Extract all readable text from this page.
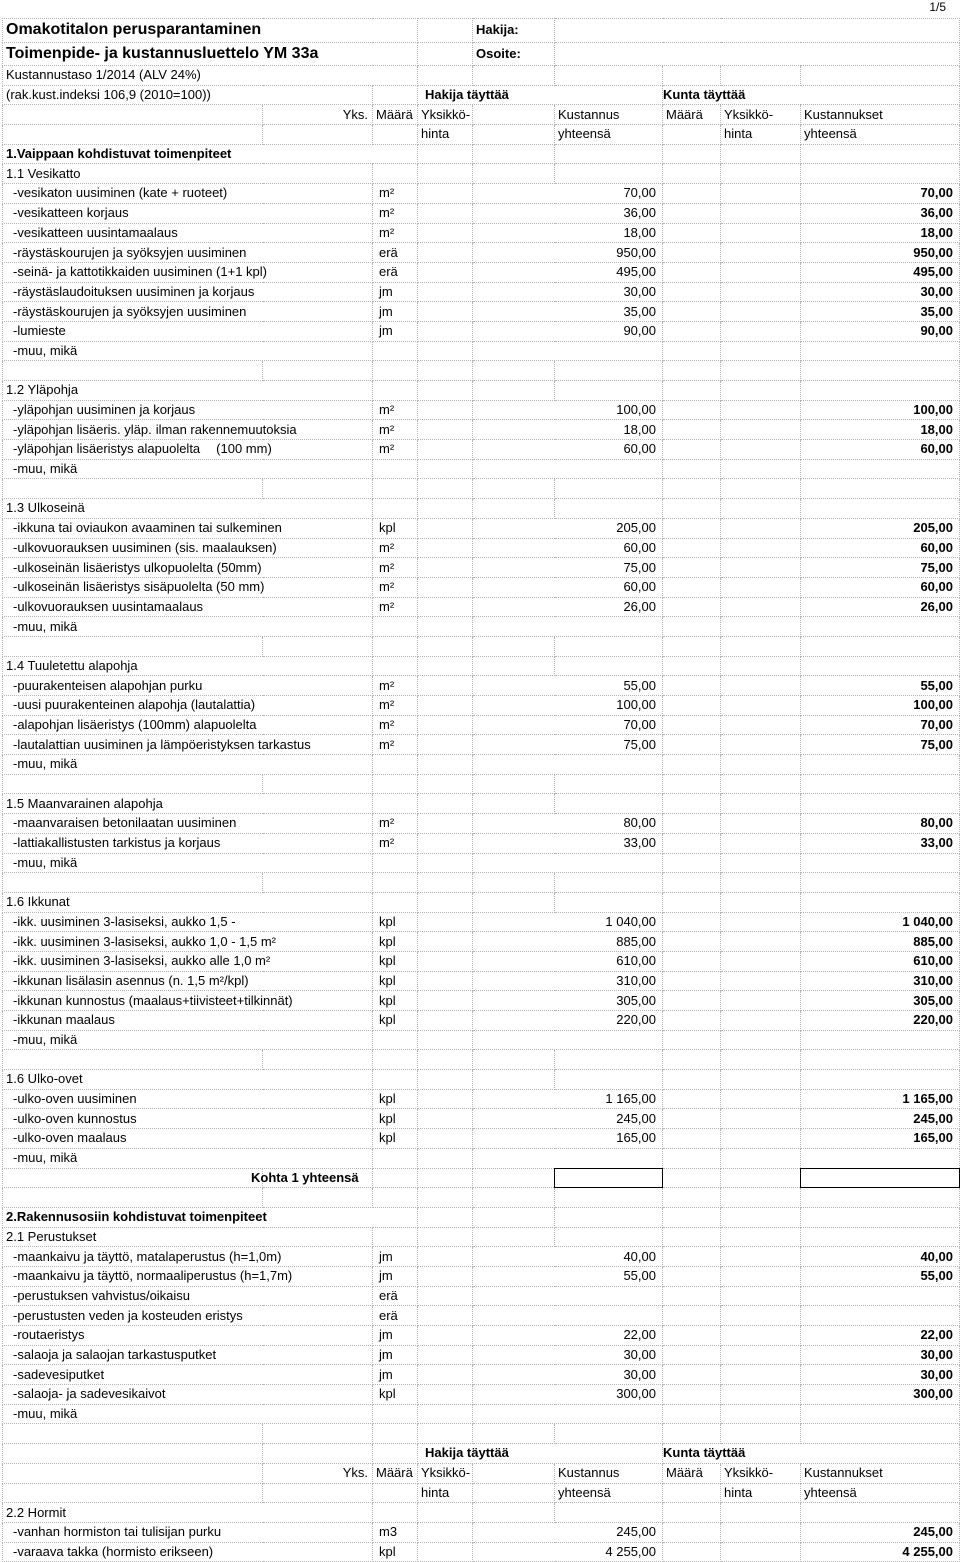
1/5
Omakotitalon perusparantaminen				Hakija:				
Toimenpide- ja kustannusluettelo YM 33a				Osoite:				
Kustannustaso 1/2014 (ALV 24%)								
(rak.kust.indeksi 106,9 (2010=100))			Hakija täyttää			Kunta täyttää		
	Yks.	Määrä	Yksikkö-		Kustannus	Määrä	Yksikkö-	Kustannukset
			hinta		yhteensä		hinta	yhteensä
1.Vaippaan kohdistuvat toimenpiteet								
1.1 Vesikatto								
-vesikaton uusiminen (kate + ruoteet)		m²		70,00				70,00
-vesikatteen korjaus		m²		36,00				36,00
-vesikatteen uusintamaalaus		m²		18,00				18,00
-räystäskourujen ja syöksyjen uusiminen		erä		950,00				950,00
-seinä- ja kattotikkaiden uusiminen (1+1 kpl)		erä		495,00				495,00
-räystäslaudoituksen uusiminen ja korjaus		jm		30,00				30,00
-räystäskourujen ja syöksyjen uusiminen		jm		35,00				35,00
-lumieste		jm		90,00				90,00
-muu, mikä								

1.2 Yläpohja								
-yläpohjan uusiminen ja korjaus		m²		100,00				100,00
-yläpohjan lisäeris. yläp. ilman rakennemuutoksia		m²		18,00				18,00
-yläpohjan lisäeristys alapuolelta (100 mm)		m²		60,00				60,00
-muu, mikä								

1.3 Ulkoseinä								
-ikkuna tai oviaukon avaaminen tai sulkeminen		kpl		205,00				205,00
-ulkovuorauksen uusiminen (sis. maalauksen)		m²		60,00				60,00
-ulkoseinän lisäeristys ulkopuolelta (50mm)		m²		75,00				75,00
-ulkoseinän lisäeristys sisäpuolelta (50 mm)		m²		60,00				60,00
-ulkovuorauksen uusintamaalaus		m²		26,00				26,00
-muu, mikä								

1.4 Tuuletettu alapohja								
-puurakenteisen alapohjan purku		m²		55,00				55,00
-uusi puurakenteinen alapohja (lautalattia)		m²		100,00				100,00
-alapohjan lisäeristys (100mm) alapuolelta		m²		70,00				70,00
-lautalattian uusiminen ja lämpöeristyksen tarkastus		m²		75,00				75,00
-muu, mikä								

1.5 Maanvarainen alapohja								
-maanvaraisen betonilaatan uusiminen		m²		80,00				80,00
-lattiakallistusten tarkistus ja korjaus		m²		33,00				33,00
-muu, mikä								

1.6 Ikkunat								
-ikk. uusiminen 3-lasiseksi, aukko 1,5 -		kpl		1 040,00				1 040,00
-ikk. uusiminen 3-lasiseksi, aukko 1,0 - 1,5 m²		kpl		885,00				885,00
-ikk. uusiminen 3-lasiseksi, aukko alle 1,0 m²		kpl		610,00				610,00
-ikkunan lisälasin asennus (n. 1,5 m²/kpl)		kpl		310,00				310,00
-ikkunan kunnostus (maalaus+tiivisteet+tilkinnät)		kpl		305,00				305,00
-ikkunan maalaus		kpl		220,00				220,00
-muu, mikä								

1.6 Ulko-ovet								
-ulko-oven uusiminen		kpl		1 165,00				1 165,00
-ulko-oven kunnostus		kpl		245,00				245,00
-ulko-oven maalaus		kpl		165,00				165,00
-muu, mikä								
	Kohta 1 yhteensä							

2.Rakennusosiin kohdistuvat toimenpiteet								
2.1 Perustukset								
-maankaivu ja täyttö, matalaperustus (h=1,0m)		jm		40,00				40,00
-maankaivu ja täyttö, normaaliperustus (h=1,7m)		jm		55,00				55,00
-perustuksen vahvistus/oikaisu		erä						
-perustusten veden ja kosteuden eristys		erä						
-routaeristys		jm		22,00				22,00
-salaoja ja salaojan tarkastusputket		jm		30,00				30,00
-sadevesiputket		jm		30,00				30,00
-salaoja- ja sadevesikaivot		kpl		300,00				300,00
-muu, mikä								

			Hakija täyttää			Kunta täyttää		
	Yks.	Määrä	Yksikkö-		Kustannus	Määrä	Yksikkö-	Kustannukset
			hinta		yhteensä		hinta	yhteensä
2.2 Hormit								
-vanhan hormiston tai tulisijan purku		m3		245,00				245,00
-varaava takka (hormisto erikseen)		kpl		4 255,00				4 255,00
